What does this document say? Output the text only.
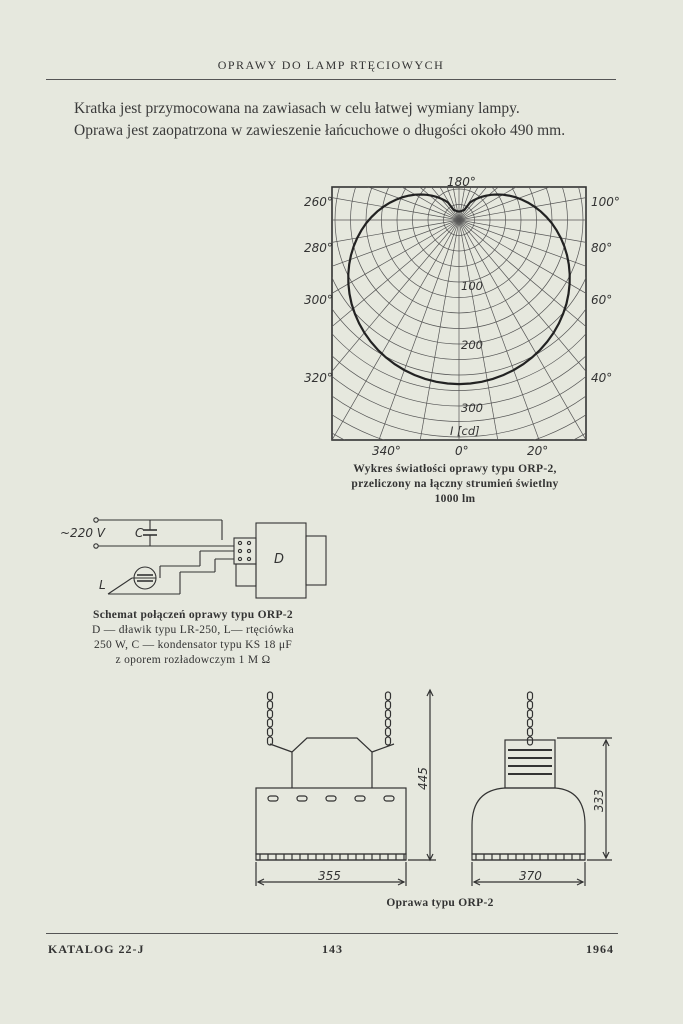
OPRAWY DO LAMP RTĘCIOWYCH

Kratka jest przymocowana na zawiasach w celu łatwej wymiany lampy.

Oprawa jest zaopatrzona w zawieszenie łańcuchowe o długości około 490 mm.

180°
260°
280°
300°
320°
100°
80°
60°
40°
340°	0°	20°
100
200
300
I [cd]
~220 V	C
D
L
355
445
370
333
Wykres światłości oprawy typu ORP-2,
przeliczony na łączny strumień świetlny
1000 lm
Schemat połączeń oprawy typu ORP-2
D — dławik typu LR-250, L— rtęciówka
250 W, C — kondensator typu KS 18 μF
z oporem rozładowczym 1 M Ω
Oprawa typu ORP-2
KATALOG 22-J	143	1964
